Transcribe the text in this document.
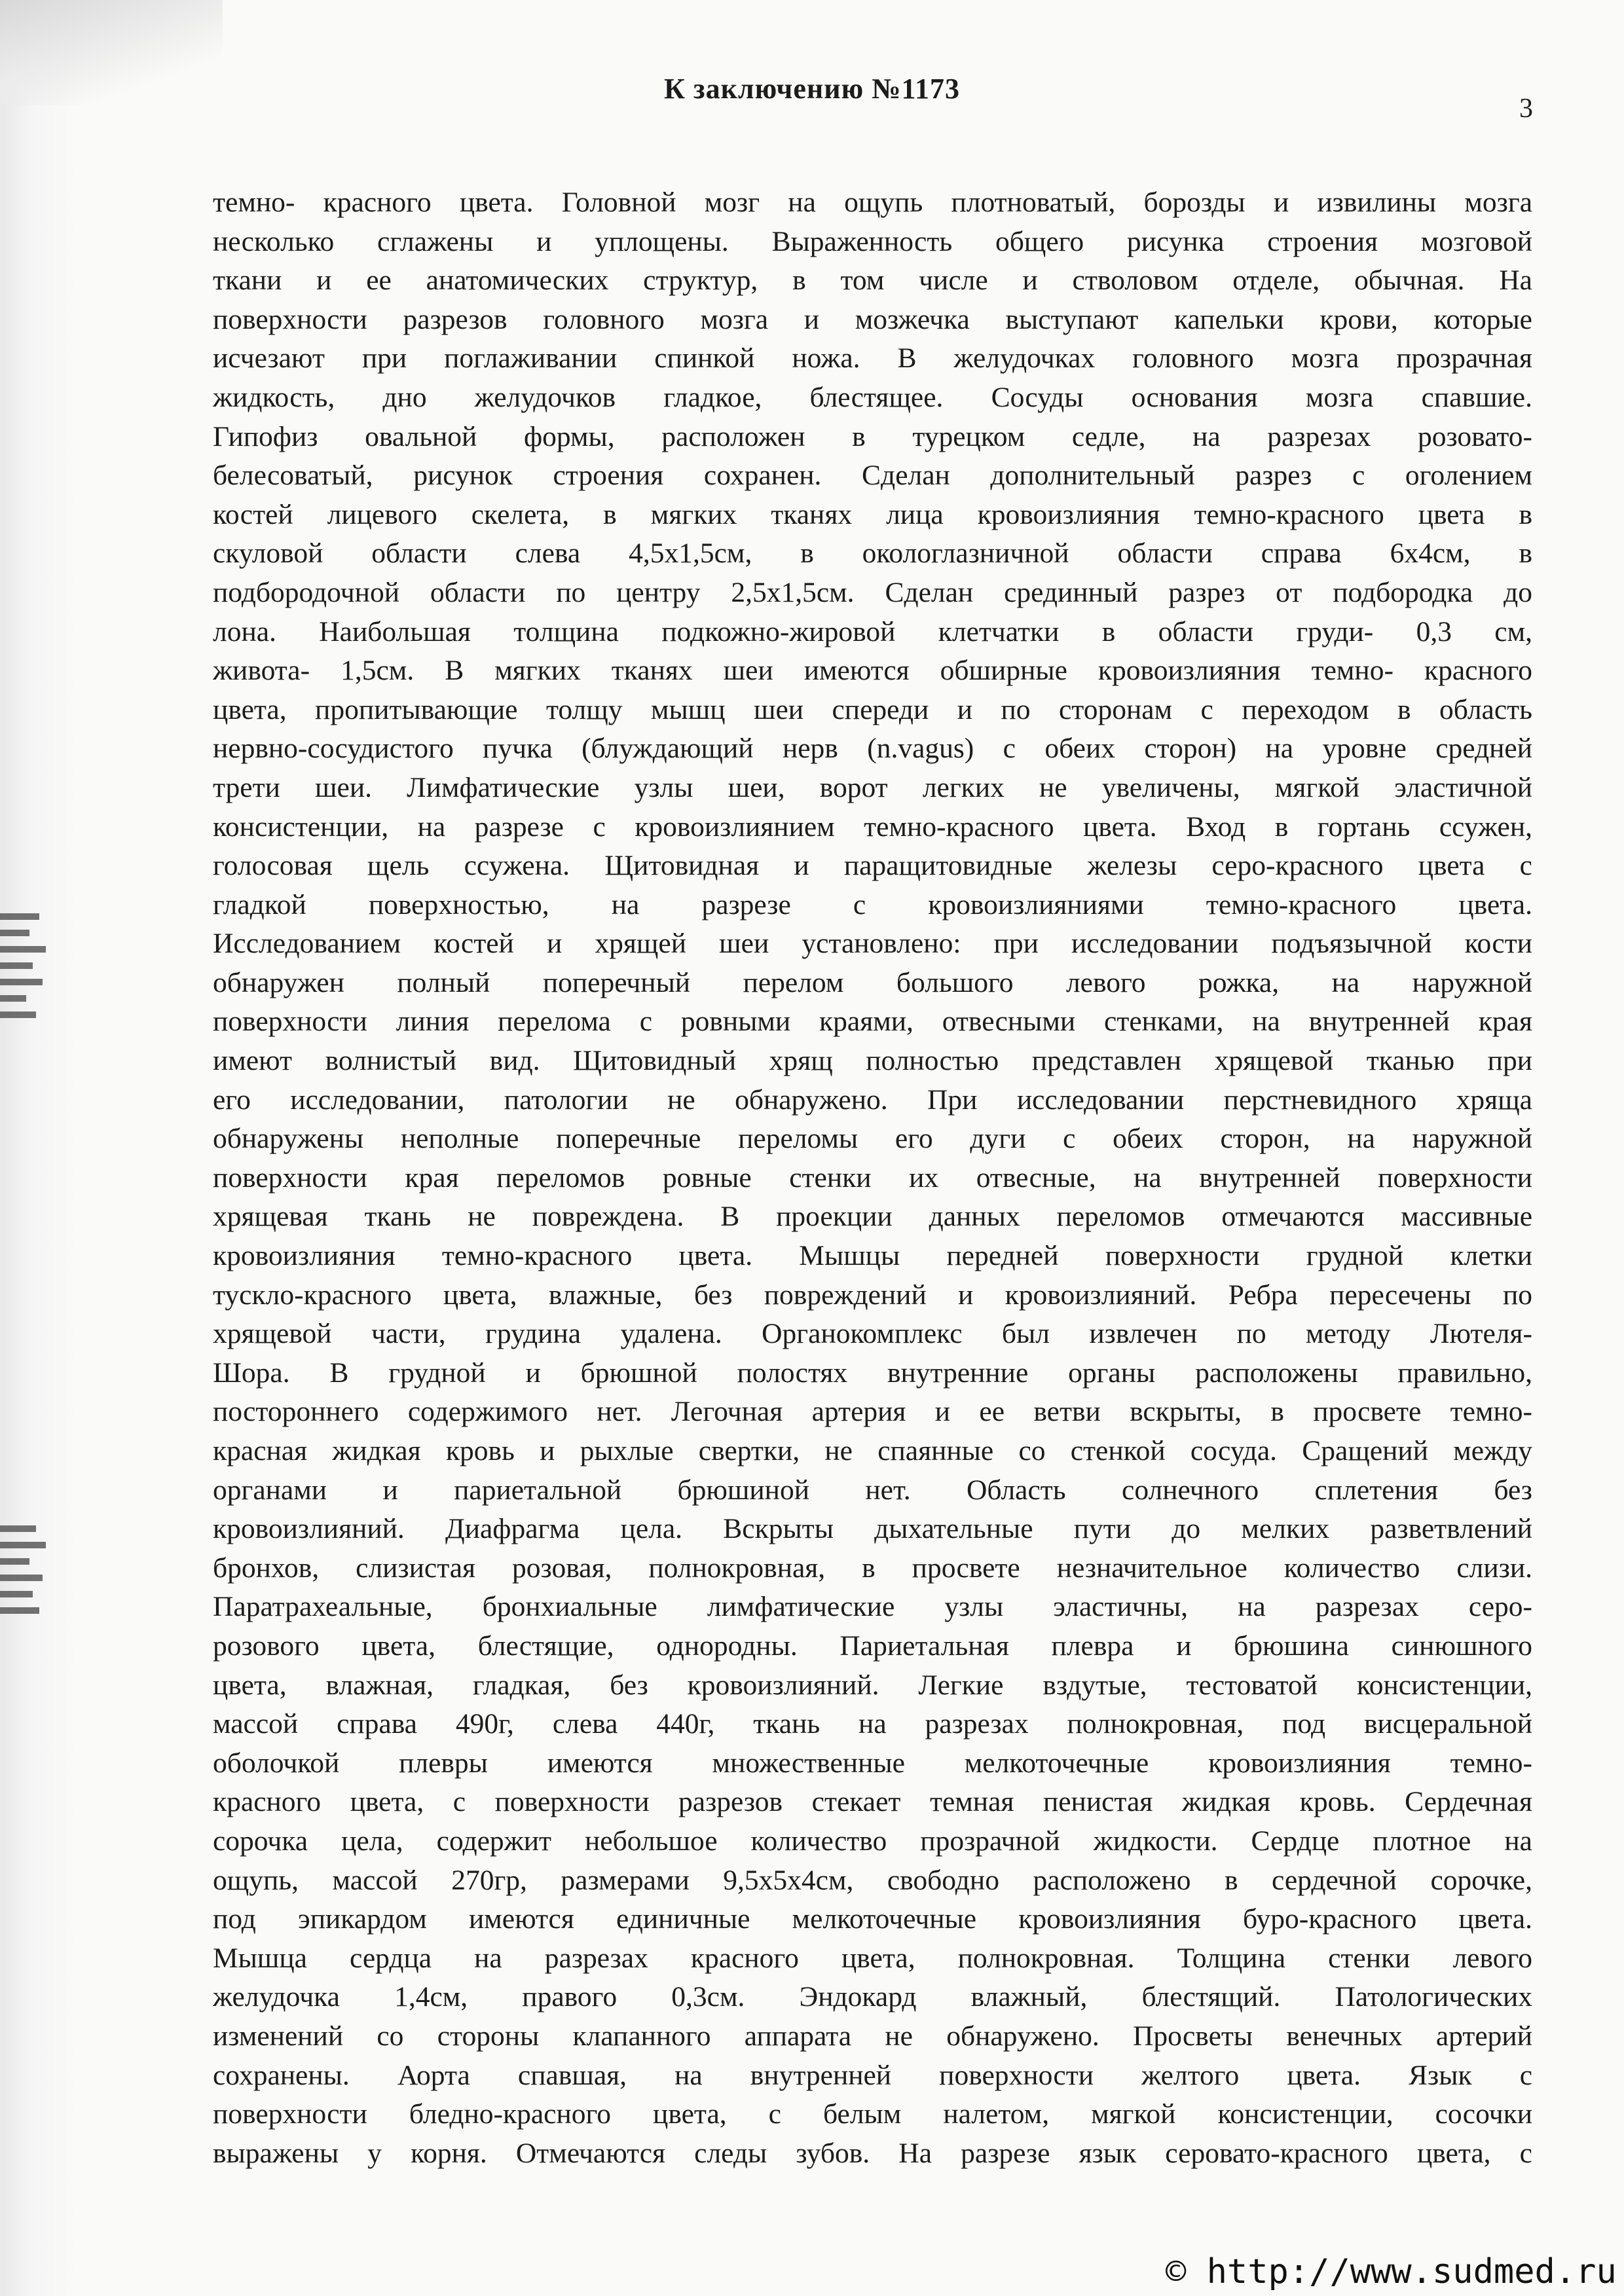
К заключению №1173
3
темно- красного цвета. Головной мозг на ощупь плотноватый, борозды и извилины мозга
несколько сглажены и уплощены. Выраженность общего рисунка строения мозговой
ткани и ее анатомических структур, в том числе и стволовом отделе, обычная. На
поверхности разрезов головного мозга и мозжечка выступают капельки крови, которые
исчезают при поглаживании спинкой ножа. В желудочках головного мозга прозрачная
жидкость, дно желудочков гладкое, блестящее. Сосуды основания мозга спавшие.
Гипофиз овальной формы, расположен в турецком седле, на разрезах розовато-
белесоватый, рисунок строения сохранен. Сделан дополнительный разрез с оголением
костей лицевого скелета, в мягких тканях лица кровоизлияния темно-красного цвета в
скуловой области слева 4,5х1,5см, в окологлазничной области справа 6х4см, в
подбородочной области по центру 2,5х1,5см. Сделан срединный разрез от подбородка до
лона. Наибольшая толщина подкожно-жировой клетчатки в области груди- 0,3 см,
живота- 1,5см. В мягких тканях шеи имеются обширные кровоизлияния темно- красного
цвета, пропитывающие толщу мышц шеи спереди и по сторонам с переходом в область
нервно-сосудистого пучка (блуждающий нерв (n.vagus) с обеих сторон) на уровне средней
трети шеи. Лимфатические узлы шеи, ворот легких не увеличены, мягкой эластичной
консистенции, на разрезе с кровоизлиянием темно-красного цвета. Вход в гортань ссужен,
голосовая щель ссужена. Щитовидная и паращитовидные железы серо-красного цвета с
гладкой поверхностью, на разрезе с кровоизлияниями темно-красного цвета.
Исследованием костей и хрящей шеи установлено: при исследовании подъязычной кости
обнаружен полный поперечный перелом большого левого рожка, на наружной
поверхности линия перелома с ровными краями, отвесными стенками, на внутренней края
имеют волнистый вид. Щитовидный хрящ полностью представлен хрящевой тканью при
его исследовании, патологии не обнаружено. При исследовании перстневидного хряща
обнаружены неполные поперечные переломы его дуги с обеих сторон, на наружной
поверхности края переломов ровные стенки их отвесные, на внутренней поверхности
хрящевая ткань не повреждена. В проекции данных переломов отмечаются массивные
кровоизлияния темно-красного цвета. Мышцы передней поверхности грудной клетки
тускло-красного цвета, влажные, без повреждений и кровоизлияний. Ребра пересечены по
хрящевой части, грудина удалена. Органокомплекс был извлечен по методу Лютеля-
Шора. В грудной и брюшной полостях внутренние органы расположены правильно,
постороннего содержимого нет. Легочная артерия и ее ветви вскрыты, в просвете темно-
красная жидкая кровь и рыхлые свертки, не спаянные со стенкой сосуда. Сращений между
органами и париетальной брюшиной нет. Область солнечного сплетения без
кровоизлияний. Диафрагма цела. Вскрыты дыхательные пути до мелких разветвлений
бронхов, слизистая розовая, полнокровная, в просвете незначительное количество слизи.
Паратрахеальные, бронхиальные лимфатические узлы эластичны, на разрезах серо-
розового цвета, блестящие, однородны. Париетальная плевра и брюшина синюшного
цвета, влажная, гладкая, без кровоизлияний. Легкие вздутые, тестоватой консистенции,
массой справа 490г, слева 440г, ткань на разрезах полнокровная, под висцеральной
оболочкой плевры имеются множественные мелкоточечные кровоизлияния темно-
красного цвета, с поверхности разрезов стекает темная пенистая жидкая кровь. Сердечная
сорочка цела, содержит небольшое количество прозрачной жидкости. Сердце плотное на
ощупь, массой 270гр, размерами 9,5х5х4см, свободно расположено в сердечной сорочке,
под эпикардом имеются единичные мелкоточечные кровоизлияния буро-красного цвета.
Мышца сердца на разрезах красного цвета, полнокровная. Толщина стенки левого
желудочка 1,4см, правого 0,3см. Эндокард влажный, блестящий. Патологических
изменений со стороны клапанного аппарата не обнаружено. Просветы венечных артерий
сохранены. Аорта спавшая, на внутренней поверхности желтого цвета. Язык с
поверхности бледно-красного цвета, с белым налетом, мягкой консистенции, сосочки
выражены у корня. Отмечаются следы зубов. На разрезе язык серовато-красного цвета, с
© http://www.sudmed.ru
